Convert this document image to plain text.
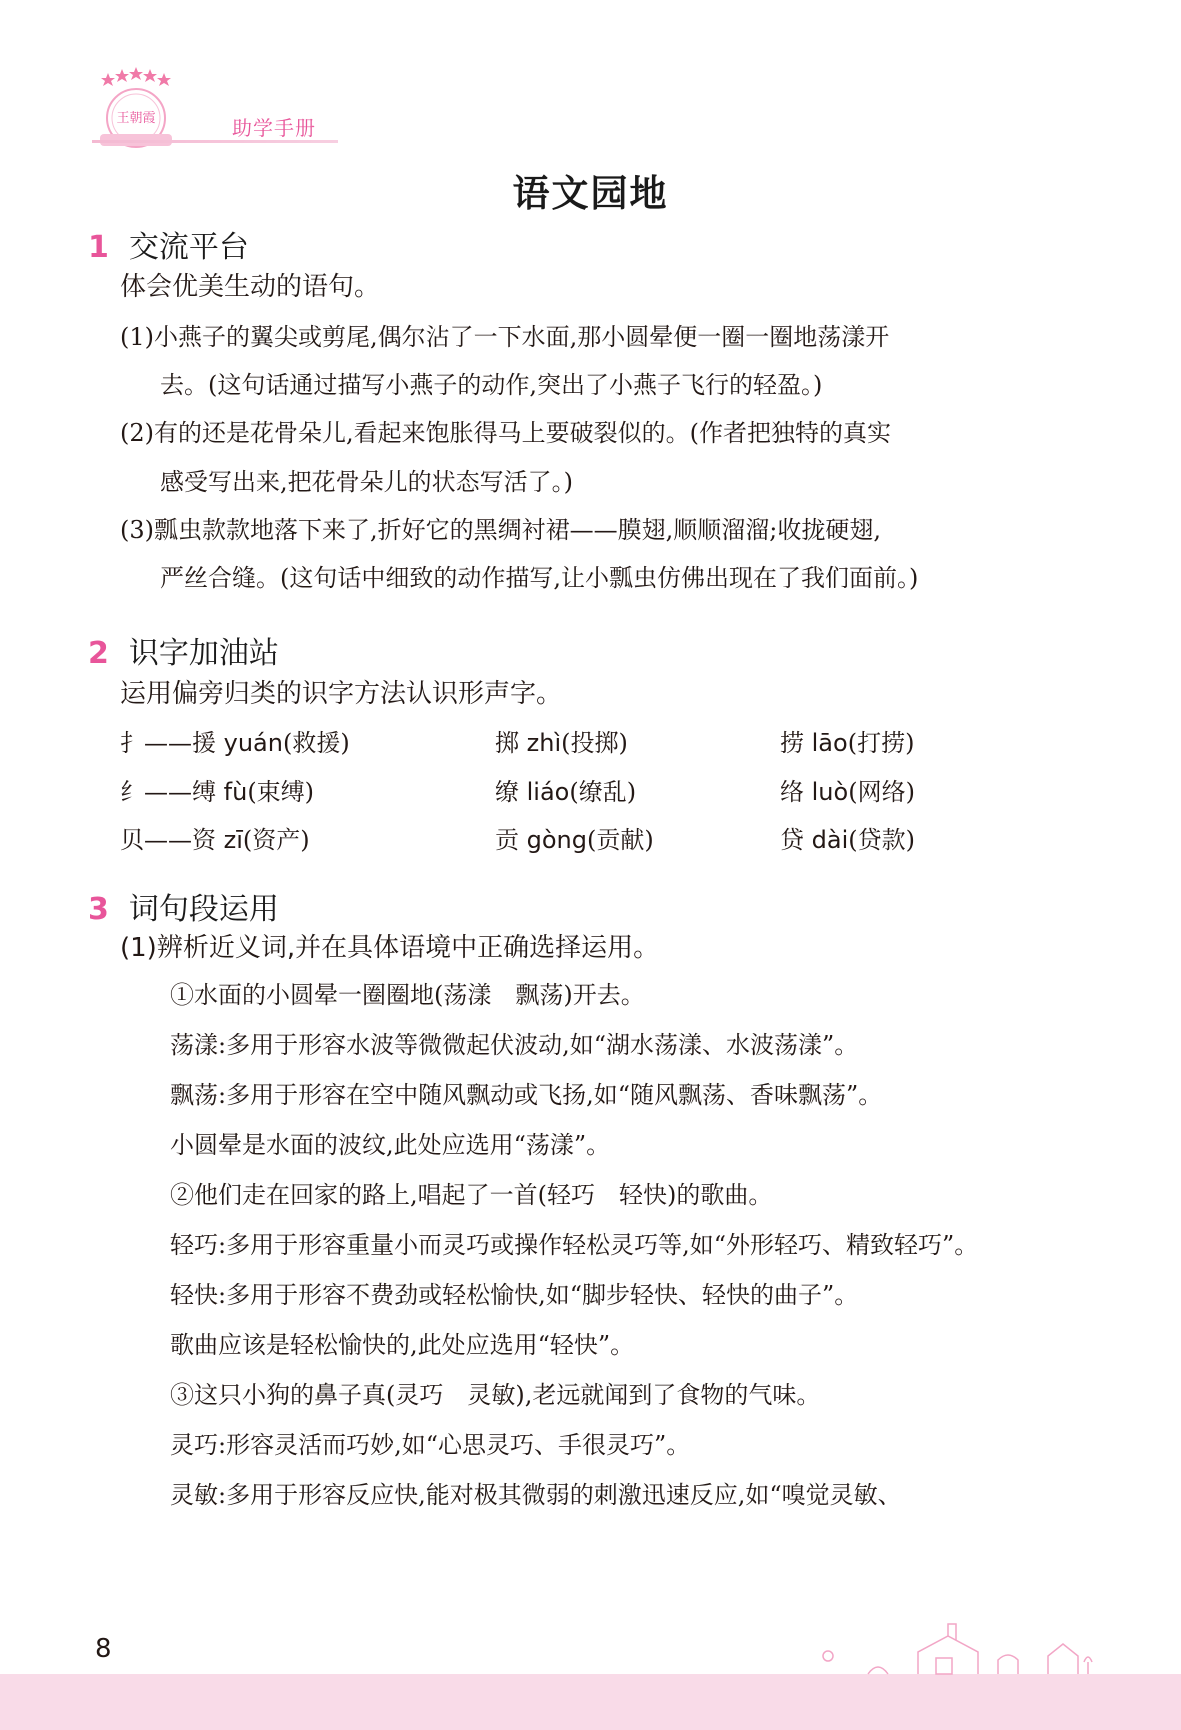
王朝霞	助学手册
语文园地
1 交流平台
体会优美生动的语句。
(1)小燕子的翼尖或剪尾,偶尔沾了一下水面,那小圆晕便一圈一圈地荡漾开
去。(这句话通过描写小燕子的动作,突出了小燕子飞行的轻盈。)
(2)有的还是花骨朵儿,看起来饱胀得马上要破裂似的。(作者把独特的真实
感受写出来,把花骨朵儿的状态写活了。)
(3)瓢虫款款地落下来了,折好它的黑绸衬裙——膜翅,顺顺溜溜;收拢硬翅,
严丝合缝。(这句话中细致的动作描写,让小瓢虫仿佛出现在了我们面前。)
2 识字加油站
运用偏旁归类的识字方法认识形声字。
扌——援 yuán(救援)	掷 zhì(投掷)	捞 lāo(打捞)
纟——缚 fù(束缚)	缭 liáo(缭乱)	络 luò(网络)
贝——资 zī(资产)	贡 gòng(贡献)	贷 dài(贷款)
3 词句段运用
(1)辨析近义词,并在具体语境中正确选择运用。
①水面的小圆晕一圈圈地(荡漾　飘荡)开去。
荡漾:多用于形容水波等微微起伏波动,如“湖水荡漾、水波荡漾”。
飘荡:多用于形容在空中随风飘动或飞扬,如“随风飘荡、香味飘荡”。
小圆晕是水面的波纹,此处应选用“荡漾”。
②他们走在回家的路上,唱起了一首(轻巧　轻快)的歌曲。
轻巧:多用于形容重量小而灵巧或操作轻松灵巧等,如“外形轻巧、精致轻巧”。
轻快:多用于形容不费劲或轻松愉快,如“脚步轻快、轻快的曲子”。
歌曲应该是轻松愉快的,此处应选用“轻快”。
③这只小狗的鼻子真(灵巧　灵敏),老远就闻到了食物的气味。
灵巧:形容灵活而巧妙,如“心思灵巧、手很灵巧”。
灵敏:多用于形容反应快,能对极其微弱的刺激迅速反应,如“嗅觉灵敏、
8
